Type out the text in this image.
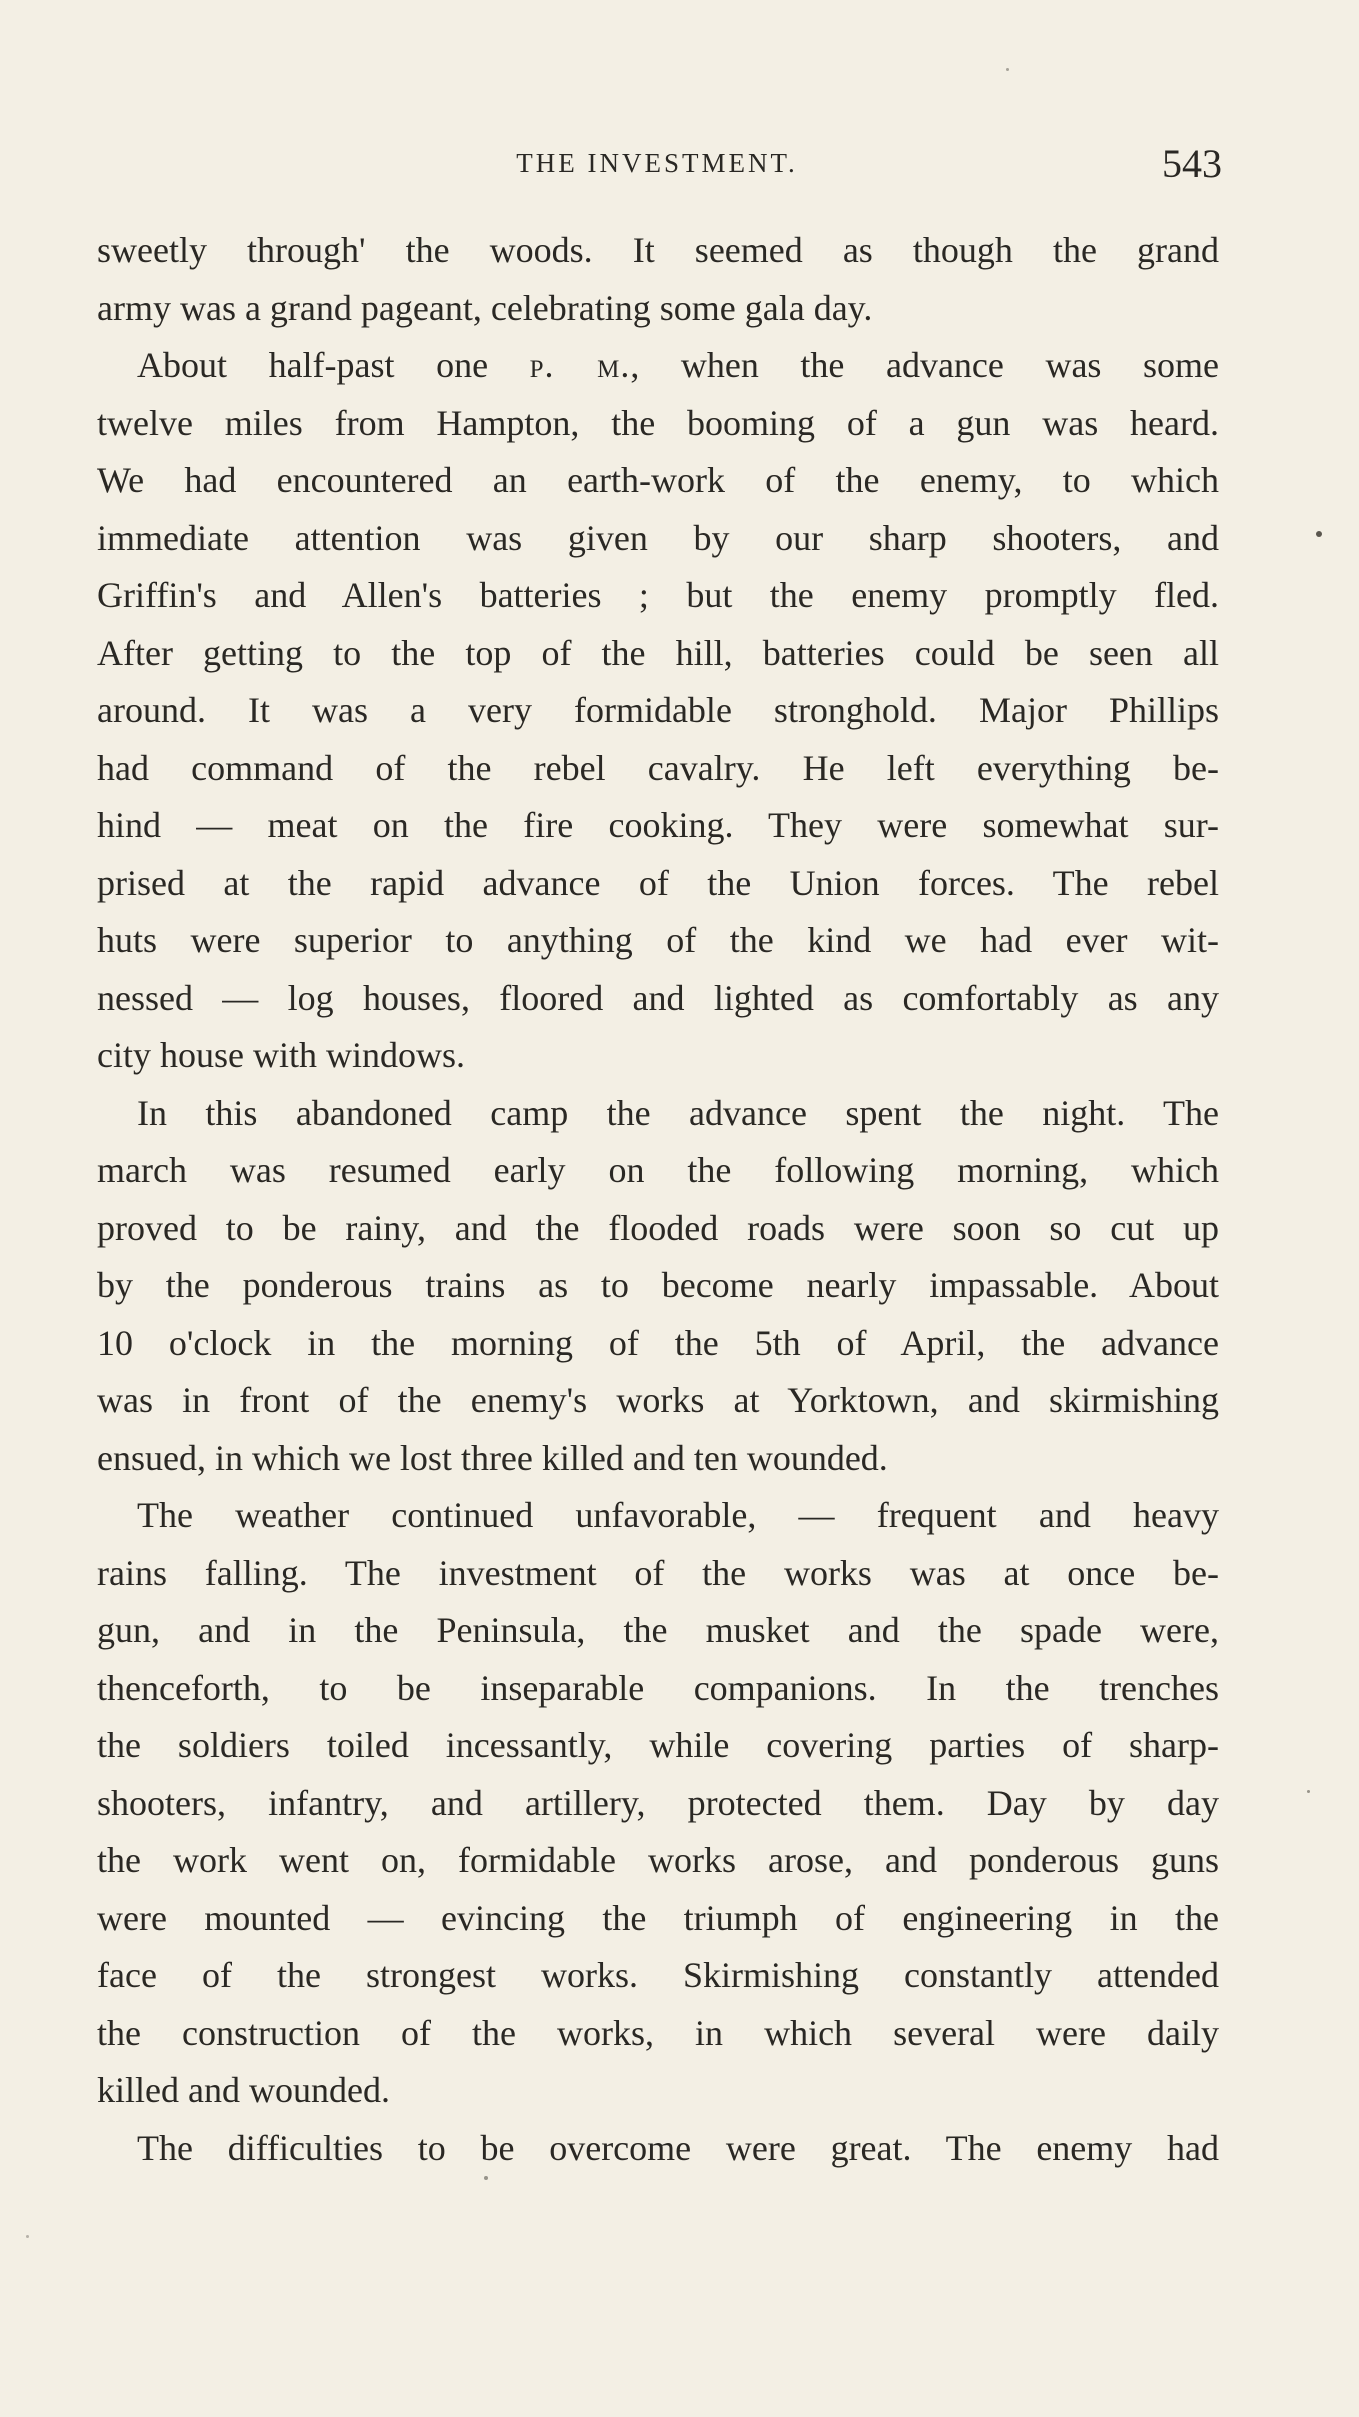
THE INVESTMENT.	543
sweetly through' the woods. It seemed as though the grand
army was a grand pageant, celebrating some gala day.
About half-past one p. m., when the advance was some
twelve miles from Hampton, the booming of a gun was heard.
We had encountered an earth-work of the enemy, to which
immediate attention was given by our sharp shooters, and
Griffin's and Allen's batteries ; but the enemy promptly fled.
After getting to the top of the hill, batteries could be seen all
around. It was a very formidable stronghold. Major Phillips
had command of the rebel cavalry. He left everything be-
hind — meat on the fire cooking. They were somewhat sur-
prised at the rapid advance of the Union forces. The rebel
huts were superior to anything of the kind we had ever wit-
nessed — log houses, floored and lighted as comfortably as any
city house with windows.
In this abandoned camp the advance spent the night. The
march was resumed early on the following morning, which
proved to be rainy, and the flooded roads were soon so cut up
by the ponderous trains as to become nearly impassable. About
10 o'clock in the morning of the 5th of April, the advance
was in front of the enemy's works at Yorktown, and skirmishing
ensued, in which we lost three killed and ten wounded.
The weather continued unfavorable, — frequent and heavy
rains falling. The investment of the works was at once be-
gun, and in the Peninsula, the musket and the spade were,
thenceforth, to be inseparable companions. In the trenches
the soldiers toiled incessantly, while covering parties of sharp-
shooters, infantry, and artillery, protected them. Day by day
the work went on, formidable works arose, and ponderous guns
were mounted — evincing the triumph of engineering in the
face of the strongest works. Skirmishing constantly attended
the construction of the works, in which several were daily
killed and wounded.
The difficulties to be overcome were great. The enemy had
